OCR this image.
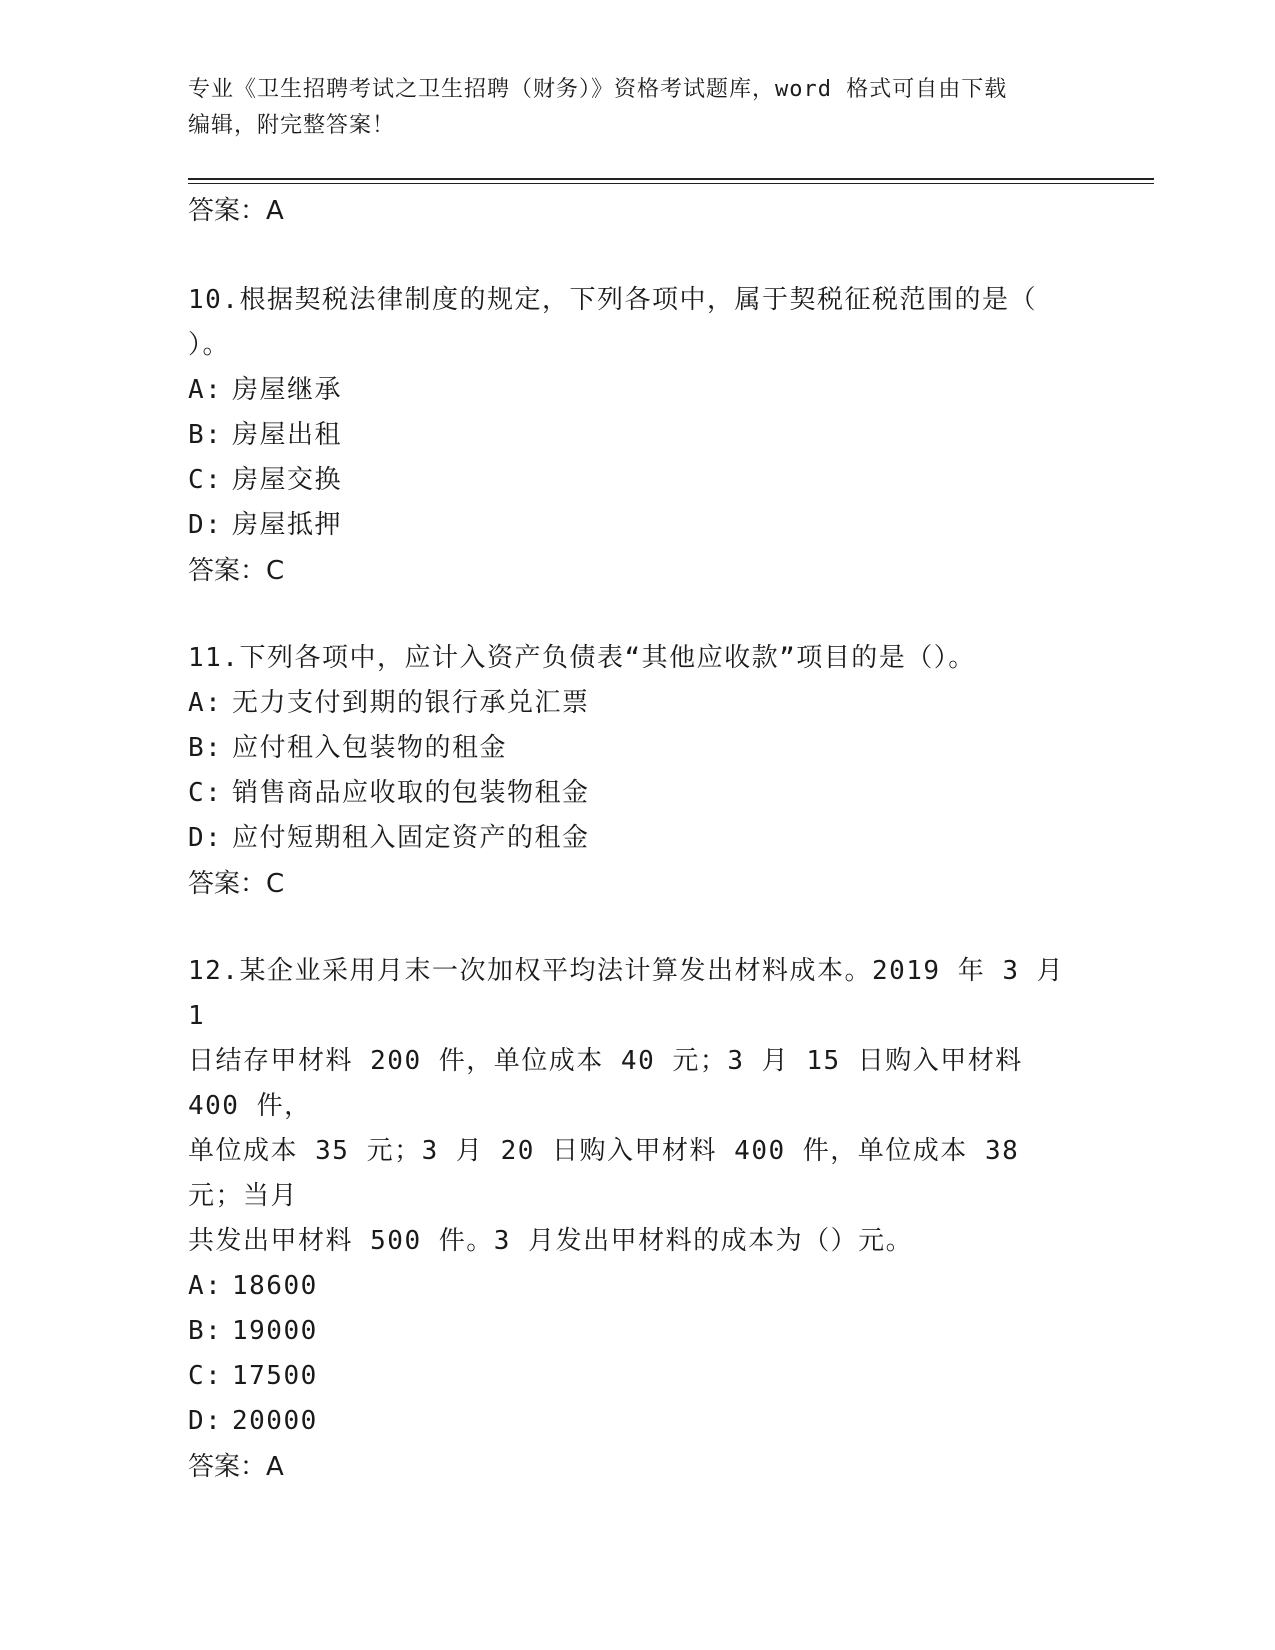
专业《卫生招聘考试之卫生招聘（财务）》资格考试题库，word 格式可自由下载
编辑，附完整答案！
答案：A
10.根据契税法律制度的规定，下列各项中，属于契税征税范围的是（
）。
A: 房屋继承
B: 房屋出租
C: 房屋交换
D: 房屋抵押
答案：C
11.下列各项中，应计入资产负债表“其他应收款”项目的是（）。
A: 无力支付到期的银行承兑汇票
B: 应付租入包装物的租金
C: 销售商品应收取的包装物租金
D: 应付短期租入固定资产的租金
答案：C
12.某企业采用月末一次加权平均法计算发出材料成本。2019 年 3 月 1
日结存甲材料 200 件，单位成本 40 元；3 月 15 日购入甲材料 400 件，
单位成本 35 元；3 月 20 日购入甲材料 400 件，单位成本 38 元；当月
共发出甲材料 500 件。3 月发出甲材料的成本为（）元。
A: 18600
B: 19000
C: 17500
D: 20000
答案：A
